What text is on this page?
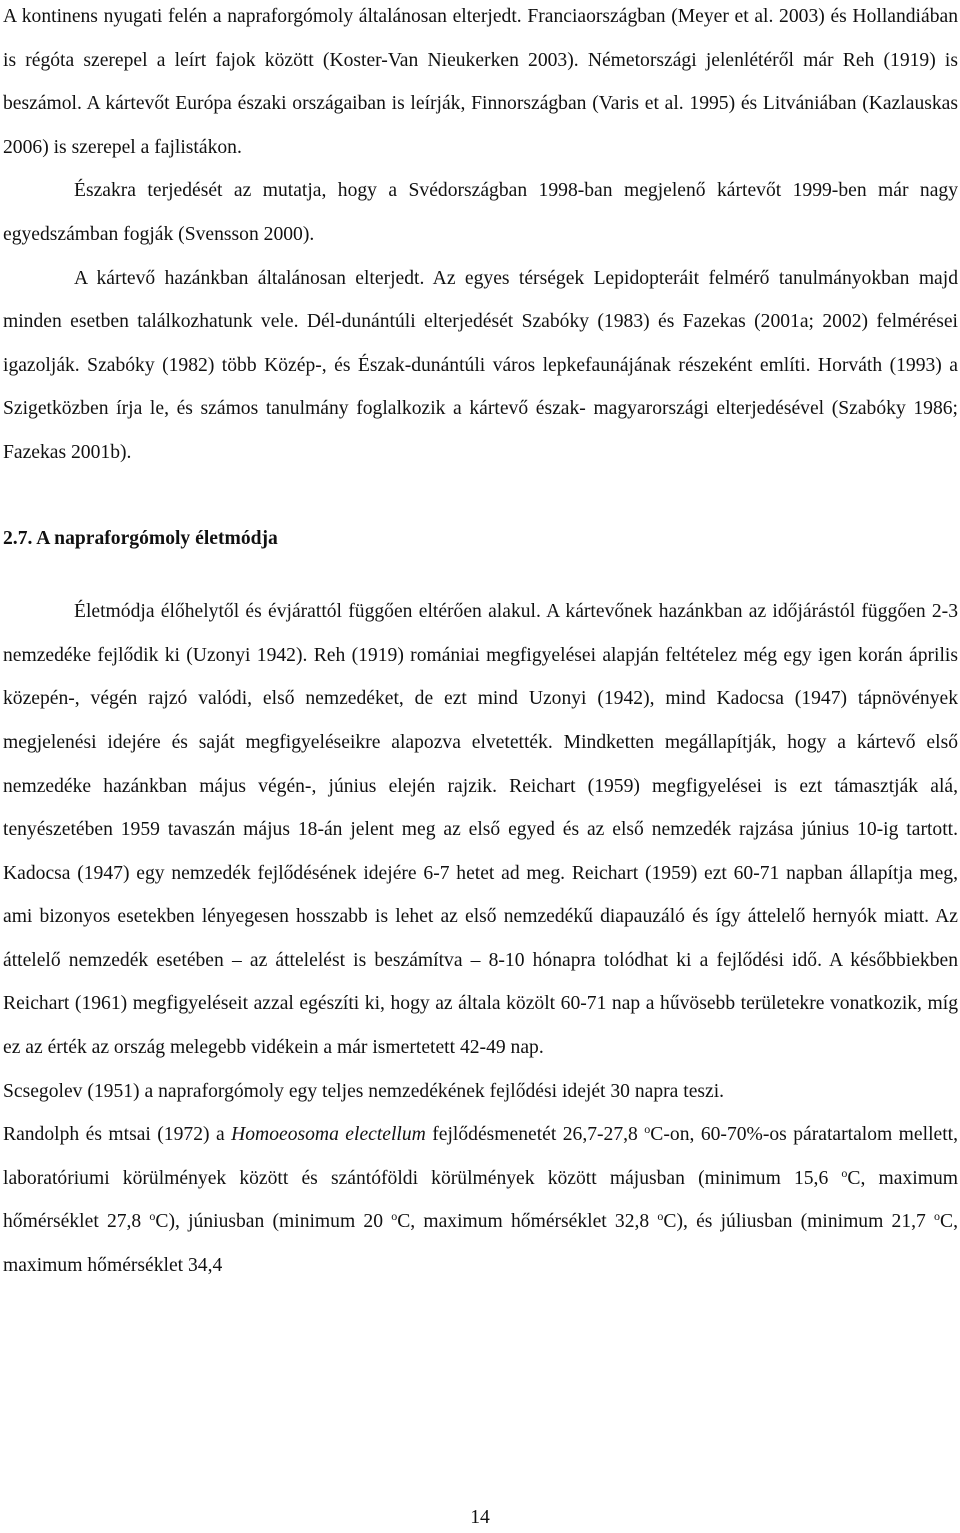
A kontinens nyugati felén a napraforgómoly általánosan elterjedt. Franciaországban (Meyer et al. 2003) és Hollandiában is régóta szerepel a leírt fajok között (Koster-Van Nieukerken 2003). Németországi jelenlétéről már Reh (1919) is beszámol. A kártevőt Európa északi országaiban is leírják, Finnországban (Varis et al. 1995) és Litvániában (Kazlauskas 2006) is szerepel a fajlistákon.

Északra terjedését az mutatja, hogy a Svédországban 1998-ban megjelenő kártevőt 1999-ben már nagy egyedszámban fogják (Svensson 2000).

A kártevő hazánkban általánosan elterjedt. Az egyes térségek Lepidopteráit felmérő tanulmányokban majd minden esetben találkozhatunk vele. Dél-dunántúli elterjedését Szabóky (1983) és Fazekas (2001a; 2002) felmérései igazolják. Szabóky (1982) több Közép-, és Észak-dunántúli város lepkefaunájának részeként említi. Horváth (1993) a Szigetközben írja le, és számos tanulmány foglalkozik a kártevő észak- magyarországi elterjedésével (Szabóky 1986; Fazekas 2001b).

2.7. A napraforgómoly életmódja

Életmódja élőhelytől és évjárattól függően eltérően alakul. A kártevőnek hazánkban az időjárástól függően 2-3 nemzedéke fejlődik ki (Uzonyi 1942). Reh (1919) romániai megfigyelései alapján feltételez még egy igen korán április közepén-, végén rajzó valódi, első nemzedéket, de ezt mind Uzonyi (1942), mind Kadocsa (1947) tápnövények megjelenési idejére és saját megfigyeléseikre alapozva elvetették. Mindketten megállapítják, hogy a kártevő első nemzedéke hazánkban május végén-, június elején rajzik. Reichart (1959) megfigyelései is ezt támasztják alá, tenyészetében 1959 tavaszán május 18-án jelent meg az első egyed és az első nemzedék rajzása június 10-ig tartott. Kadocsa (1947) egy nemzedék fejlődésének idejére 6-7 hetet ad meg. Reichart (1959) ezt 60-71 napban állapítja meg, ami bizonyos esetekben lényegesen hosszabb is lehet az első nemzedékű diapauzáló és így áttelelő hernyók miatt. Az áttelelő nemzedék esetében – az áttelelést is beszámítva – 8-10 hónapra tolódhat ki a fejlődési idő. A későbbiekben Reichart (1961) megfigyeléseit azzal egészíti ki, hogy az általa közölt 60-71 nap a hűvösebb területekre vonatkozik, míg ez az érték az ország melegebb vidékein a már ismertetett 42-49 nap.

Scsegolev (1951) a napraforgómoly egy teljes nemzedékének fejlődési idejét 30 napra teszi.

Randolph és mtsai (1972) a Homoeosoma electellum fejlődésmenetét 26,7-27,8 $^o$C-on, 60-70%-os páratartalom mellett, laboratóriumi körülmények között és szántóföldi körülmények között májusban (minimum 15,6 $^o$C, maximum hőmérséklet 27,8 $^o$C), júniusban (minimum 20 $^o$C, maximum hőmérséklet 32,8 $^o$C), és júliusban (minimum 21,7 $^o$C, maximum hőmérséklet 34,4

14
